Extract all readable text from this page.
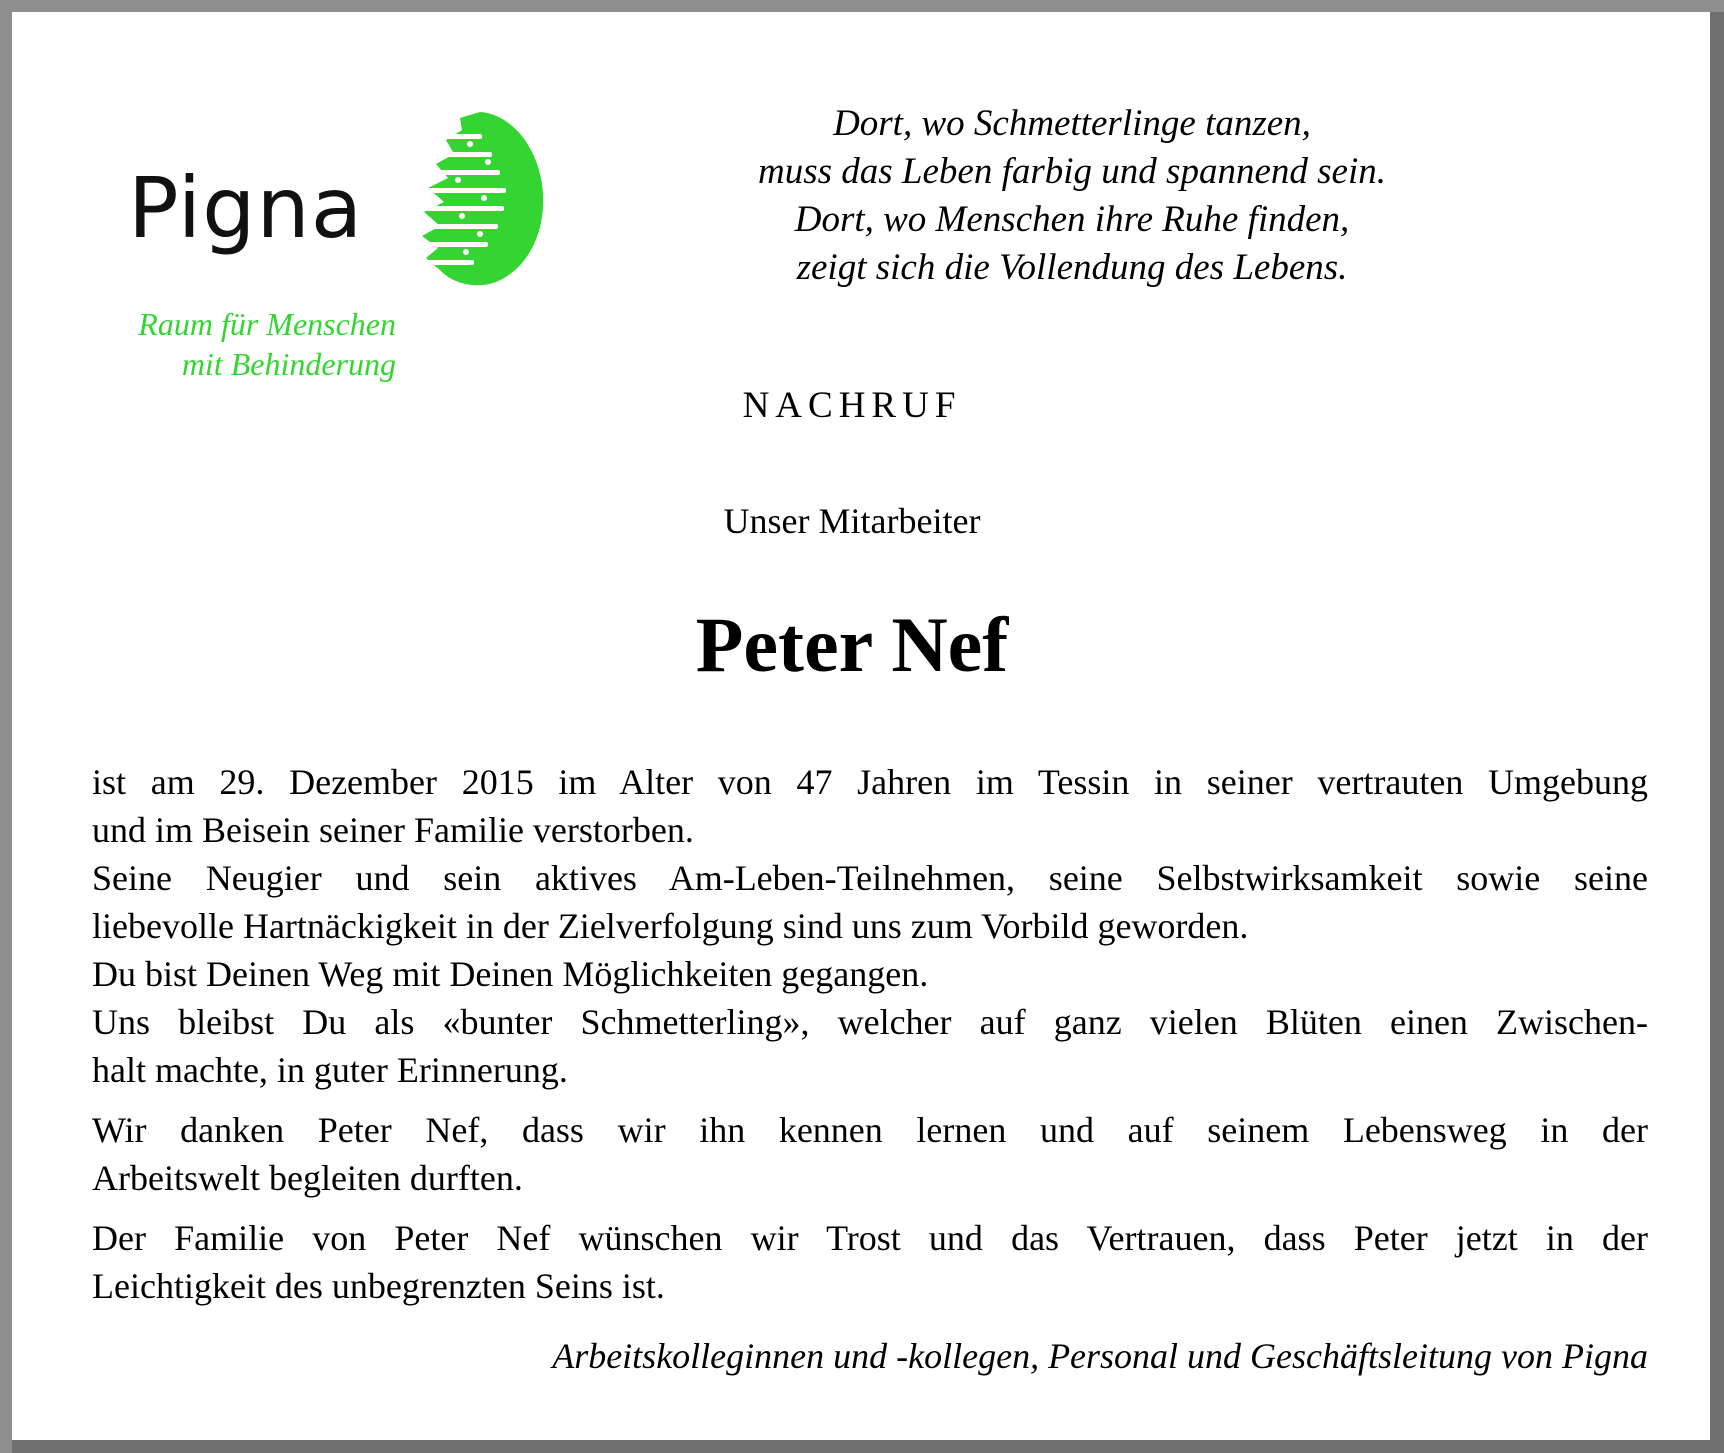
Pigna
Raum für Menschen
mit Behinderung
Dort, wo Schmetterlinge tanzen,
muss das Leben farbig und spannend sein.
Dort, wo Menschen ihre Ruhe finden,
zeigt sich die Vollendung des Lebens.
NACHRUF
Unser Mitarbeiter
Peter Nef

ist am 29. Dezember 2015 im Alter von 47 Jahren im Tessin in seiner vertrauten Umgebung

und im Beisein seiner Familie verstorben.

Seine Neugier und sein aktives Am-Leben-Teilnehmen, seine Selbstwirksamkeit sowie seine

liebevolle Hartnäckigkeit in der Zielverfolgung sind uns zum Vorbild geworden.

Du bist Deinen Weg mit Deinen Möglichkeiten gegangen.

Uns bleibst Du als «bunter Schmetterling», welcher auf ganz vielen Blüten einen Zwischen-

halt machte, in guter Erinnerung.

Wir danken Peter Nef, dass wir ihn kennen lernen und auf seinem Lebensweg in der

Arbeitswelt begleiten durften.

Der Familie von Peter Nef wünschen wir Trost und das Vertrauen, dass Peter jetzt in der

Leichtigkeit des unbegrenzten Seins ist.

Arbeitskolleginnen und -kollegen, Personal und Geschäftsleitung von Pigna
